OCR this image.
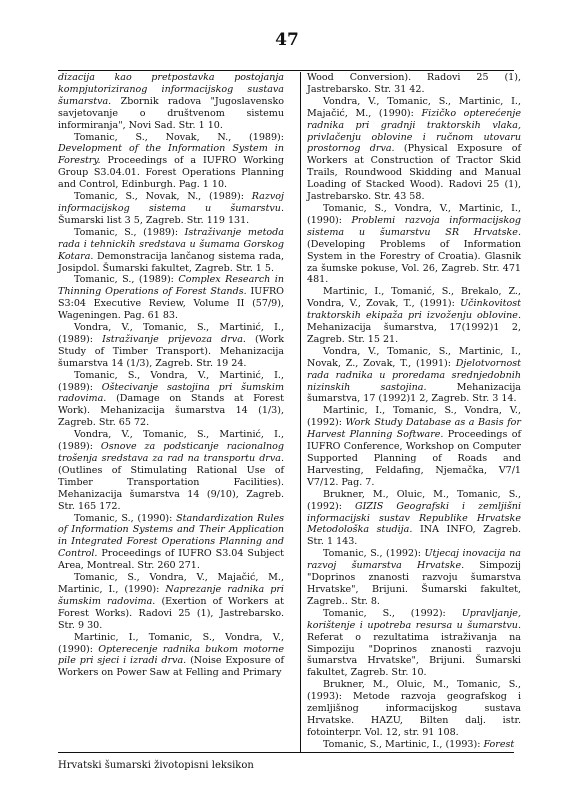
47

dizacija kao pretpostavka postojanja kompjutoriziranog informacijskog sustava šumarstva. Zbornik radova "Jugoslavensko savjetovanje o društvenom sistemu informiranja", Novi Sad. Str. 1 10.

Tomanic, S., Novak, N., (1989): Development of the Information System in Forestry. Proceedings of a IUFRO Working Group S3.04.01. Forest Operations Planning and Control, Edinburgh. Pag. 1 10.

Tomanic, S., Novak, N., (1989): Razvoj informacijskog sistema u šumarstvu. Šumarski list 3 5, Zagreb. Str. 119 131.

Tomanic, S., (1989): Istraživanje metoda rada i tehnickih sredstava u šumama Gorskog Kotara. Demonstracija lančanog sistema rada, Josipdol. Šumarski fakultet, Zagreb. Str. 1 5.

Tomanic, S., (1989): Complex Research in Thinning Operations of Forest Stands. IUFRO S3:04 Executive Review, Volume II (57/9), Wageningen. Pag. 61 83.

Vondra, V., Tomanic, S., Martinić, I., (1989): Istraživanje prijevoza drva. (Work Study of Timber Transport). Mehanizacija šumarstva 14 (1/3), Zagreb. Str. 19 24.

Tomanic, S., Vondra, V., Martinić, I., (1989): Oštecivanje sastojina pri šumskim radovima. (Damage on Stands at Forest Work). Mehanizacija šumarstva 14 (1/3), Zagreb. Str. 65 72.

Vondra, V., Tomanic, S., Martinić, I., (1989): Osnove za podsticanje racionalnog trošenja sredstava za rad na transportu drva. (Outlines of Stimulating Rational Use of Timber Transportation Facilities). Mehanizacija šumarstva 14 (9/10), Zagreb. Str. 165 172.

Tomanic, S., (1990): Standardization Rules of Information Systems and Their Application in Integrated Forest Operations Planning and Control. Proceedings of IUFRO S3.04 Subject Area, Montreal. Str. 260 271.

Tomanic, S., Vondra, V., Majačić, M., Martinic, I., (1990): Naprezanje radnika pri šumskim radovima. (Exertion of Workers at Forest Works). Radovi 25 (1), Jastrebarsko. Str. 9 30.

Martinic, I., Tomanic, S., Vondra, V., (1990): Opterecenje radnika bukom motorne pile pri sjeci i izradi drva. (Noise Exposure of Workers on Power Saw at Felling and Primary

Wood Conversion). Radovi 25 (1), Jastrebarsko. Str. 31 42.

Vondra, V., Tomanic, S., Martinic, I., Majačić, M., (1990): Fizičko opterećenje radnika pri gradnji traktorskih vlaka, privlačenju oblovine i ručnom utovaru prostornog drva. (Physical Exposure of Workers at Construction of Tractor Skid Trails, Roundwood Skidding and Manual Loading of Stacked Wood). Radovi 25 (1), Jastrebarsko. Str. 43 58.

Tomanic, S., Vondra, V., Martinic, I., (1990): Problemi razvoja informacijskog sistema u šumarstvu SR Hrvatske. (Developing Problems of Information System in the Forestry of Croatia). Glasnik za šumske pokuse, Vol. 26, Zagreb. Str. 471 481.

Martinic, I., Tomanić, S., Brekalo, Z., Vondra, V., Zovak, T., (1991): Učinkovitost traktorskih ekipaža pri izvoženju oblovine. Mehanizacija šumarstva, 17(1992)1 2, Zagreb. Str. 15 21.

Vondra, V., Tomanic, S., Martinic, I., Novak, Z., Zovak, T., (1991): Djelotvornost rada radnika u proredama srednjedobnih nizinskih sastojina. Mehanizacija šumarstva, 17 (1992)1 2, Zagreb. Str. 3 14.

Martinic, I., Tomanic, S., Vondra, V., (1992): Work Study Database as a Basis for Harvest Planning Software. Proceedings of IUFRO Conference, Workshop on Computer Supported Planning of Roads and Harvesting, Feldafing, Njemačka, V7/1 V7/12. Pag. 7.

Brukner, M., Oluic, M., Tomanic, S., (1992): GIZIS Geografski i zemljišni informacijski sustav Republike Hrvatske Metodološka studija. INA INFO, Zagreb. Str. 1 143.

Tomanic, S., (1992): Utjecaj inovacija na razvoj šumarstva Hrvatske. Simpozij "Doprinos znanosti razvoju šumarstva Hrvatske", Brijuni. Šumarski fakultet, Zagreb.. Str. 8.

Tomanic, S., (1992): Upravljanje, korištenje i upotreba resursa u šumarstvu. Referat o rezultatima istraživanja na Simpoziju "Doprinos znanosti razvoju šumarstva Hrvatske", Brijuni. Šumarski fakultet, Zagreb. Str. 10.

Brukner, M., Oluic, M., Tomanic, S., (1993): Metode razvoja geografskog i zemljišnog informacijskog sustava Hrvatske. HAZU, Bilten dalj. istr. fotointerpr. Vol. 12, str. 91 108.

Tomanic, S., Martinic, I., (1993): Forest

Hrvatski šumarski životopisni leksikon
